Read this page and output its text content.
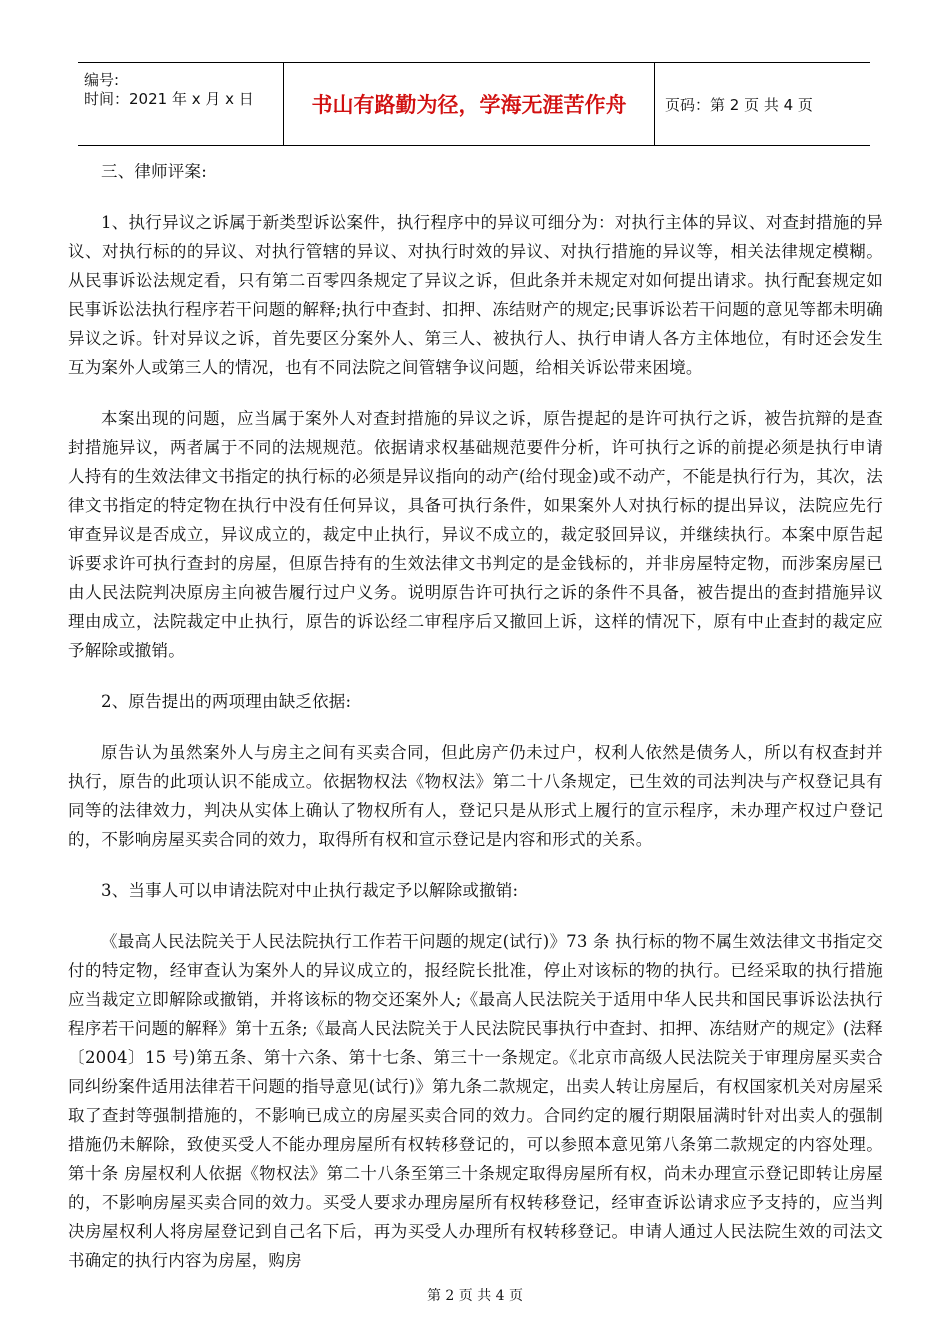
编号:
时间：2021 年 x 月 x 日	书山有路勤为径，学海无涯苦作舟	页码：第 2 页 共 4 页

三、律师评案:

1、执行异议之诉属于新类型诉讼案件，执行程序中的异议可细分为：对执行主体的异议、对查封措施的异议、对执行标的的异议、对执行管辖的异议、对执行时效的异议、对执行措施的异议等，相关法律规定模糊。从民事诉讼法规定看，只有第二百零四条规定了异议之诉，但此条并未规定对如何提出请求。执行配套规定如民事诉讼法执行程序若干问题的解释;执行中查封、扣押、冻结财产的规定;民事诉讼若干问题的意见等都未明确异议之诉。针对异议之诉，首先要区分案外人、第三人、被执行人、执行申请人各方主体地位，有时还会发生互为案外人或第三人的情况，也有不同法院之间管辖争议问题，给相关诉讼带来困境。

本案出现的问题，应当属于案外人对查封措施的异议之诉，原告提起的是许可执行之诉，被告抗辩的是查封措施异议，两者属于不同的法规规范。依据请求权基础规范要件分析，许可执行之诉的前提必须是执行申请人持有的生效法律文书指定的执行标的必须是异议指向的动产(给付现金)或不动产，不能是执行行为，其次，法律文书指定的特定物在执行中没有任何异议，具备可执行条件，如果案外人对执行标的提出异议，法院应先行审查异议是否成立，异议成立的，裁定中止执行，异议不成立的，裁定驳回异议，并继续执行。本案中原告起诉要求许可执行查封的房屋，但原告持有的生效法律文书判定的是金钱标的，并非房屋特定物，而涉案房屋已由人民法院判决原房主向被告履行过户义务。说明原告许可执行之诉的条件不具备，被告提出的查封措施异议理由成立，法院裁定中止执行，原告的诉讼经二审程序后又撤回上诉，这样的情况下，原有中止查封的裁定应予解除或撤销。

2、原告提出的两项理由缺乏依据:

原告认为虽然案外人与房主之间有买卖合同，但此房产仍未过户，权利人依然是债务人，所以有权查封并执行，原告的此项认识不能成立。依据物权法《物权法》第二十八条规定，已生效的司法判决与产权登记具有同等的法律效力，判决从实体上确认了物权所有人，登记只是从形式上履行的宣示程序，未办理产权过户登记的，不影响房屋买卖合同的效力，取得所有权和宣示登记是内容和形式的关系。

3、当事人可以申请法院对中止执行裁定予以解除或撤销:

《最高人民法院关于人民法院执行工作若干问题的规定(试行)》73 条 执行标的物不属生效法律文书指定交付的特定物，经审查认为案外人的异议成立的，报经院长批准，停止对该标的物的执行。已经采取的执行措施应当裁定立即解除或撤销，并将该标的物交还案外人;《最高人民法院关于适用中华人民共和国民事诉讼法执行程序若干问题的解释》第十五条;《最高人民法院关于人民法院民事执行中查封、扣押、冻结财产的规定》(法释〔2004〕15 号)第五条、第十六条、第十七条、第三十一条规定。《北京市高级人民法院关于审理房屋买卖合同纠纷案件适用法律若干问题的指导意见(试行)》第九条二款规定，出卖人转让房屋后，有权国家机关对房屋采取了查封等强制措施的，不影响已成立的房屋买卖合同的效力。合同约定的履行期限届满时针对出卖人的强制措施仍未解除，致使买受人不能办理房屋所有权转移登记的，可以参照本意见第八条第二款规定的内容处理。第十条 房屋权利人依据《物权法》第二十八条至第三十条规定取得房屋所有权，尚未办理宣示登记即转让房屋的，不影响房屋买卖合同的效力。买受人要求办理房屋所有权转移登记，经审查诉讼请求应予支持的，应当判决房屋权利人将房屋登记到自己名下后，再为买受人办理所有权转移登记。申请人通过人民法院生效的司法文书确定的执行内容为房屋，购房

第 2 页 共 4 页
